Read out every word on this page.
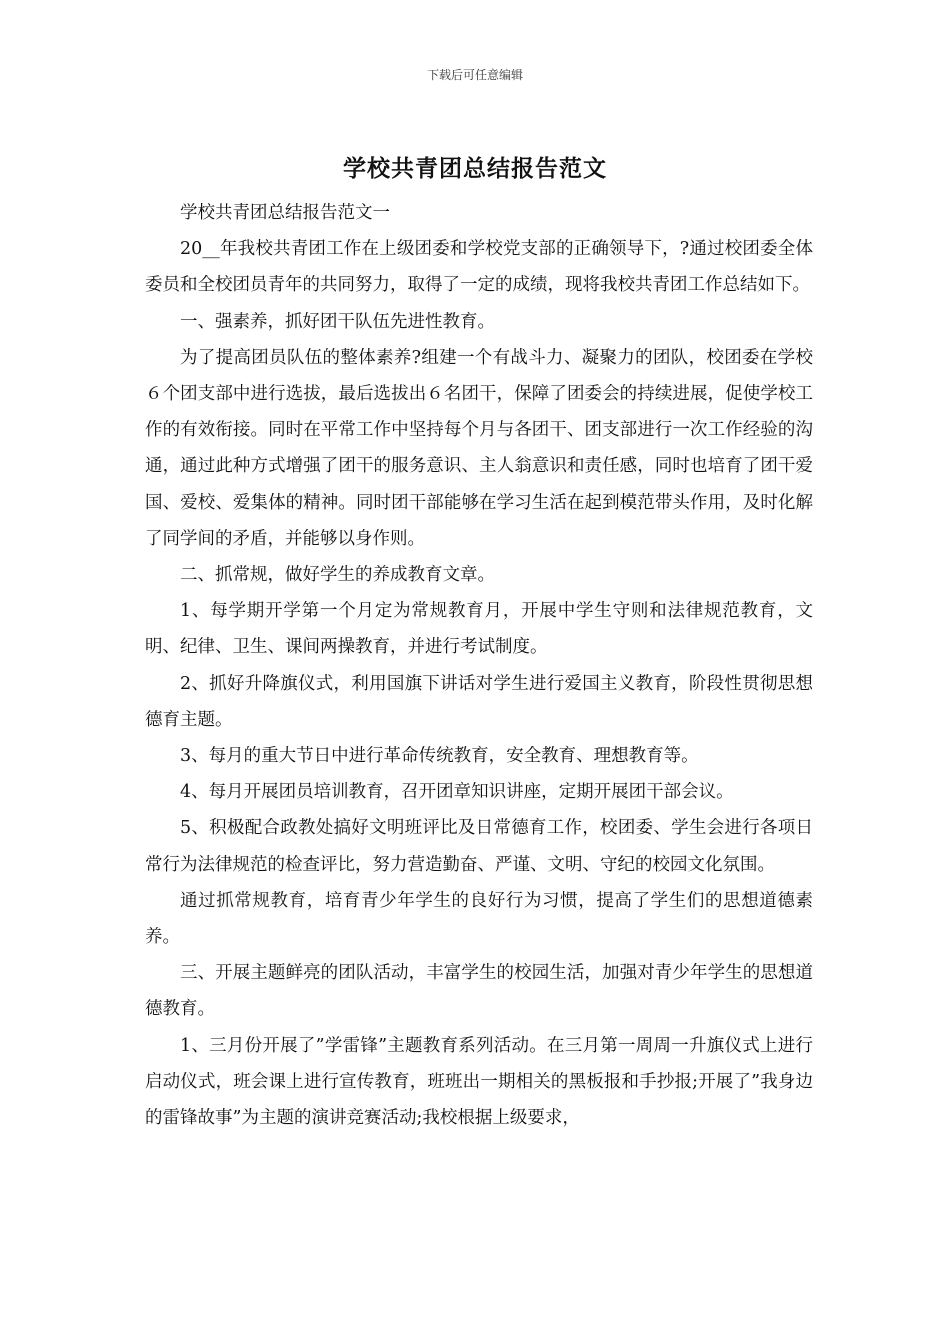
下载后可任意编辑
学校共青团总结报告范文

学校共青团总结报告范文一

20__年我校共青团工作在上级团委和学校党支部的正确领导下，?通过校团委全体委员和全校团员青年的共同努力，取得了一定的成绩，现将我校共青团工作总结如下。

一、强素养，抓好团干队伍先进性教育。

为了提高团员队伍的整体素养?组建一个有战斗力、凝聚力的团队，校团委在学校６个团支部中进行选拔，最后选拔出６名团干，保障了团委会的持续进展，促使学校工作的有效衔接。同时在平常工作中坚持每个月与各团干、团支部进行一次工作经验的沟通，通过此种方式增强了团干的服务意识、主人翁意识和责任感，同时也培育了团干爱国、爱校、爱集体的精神。同时团干部能够在学习生活在起到模范带头作用，及时化解了同学间的矛盾，并能够以身作则。

二、抓常规，做好学生的养成教育文章。

1、每学期开学第一个月定为常规教育月，开展中学生守则和法律规范教育，文明、纪律、卫生、课间两操教育，并进行考试制度。

2、抓好升降旗仪式，利用国旗下讲话对学生进行爱国主义教育，阶段性贯彻思想德育主题。

3、每月的重大节日中进行革命传统教育，安全教育、理想教育等。

4、每月开展团员培训教育，召开团章知识讲座，定期开展团干部会议。

5、积极配合政教处搞好文明班评比及日常德育工作，校团委、学生会进行各项日常行为法律规范的检查评比，努力营造勤奋、严谨、文明、守纪的校园文化氛围。

通过抓常规教育，培育青少年学生的良好行为习惯，提高了学生们的思想道德素养。

三、开展主题鲜亮的团队活动，丰富学生的校园生活，加强对青少年学生的思想道德教育。

1、三月份开展了”学雷锋”主题教育系列活动。在三月第一周周一升旗仪式上进行启动仪式，班会课上进行宣传教育，班班出一期相关的黑板报和手抄报;开展了”我身边的雷锋故事”为主题的演讲竞赛活动;我校根据上级要求，
